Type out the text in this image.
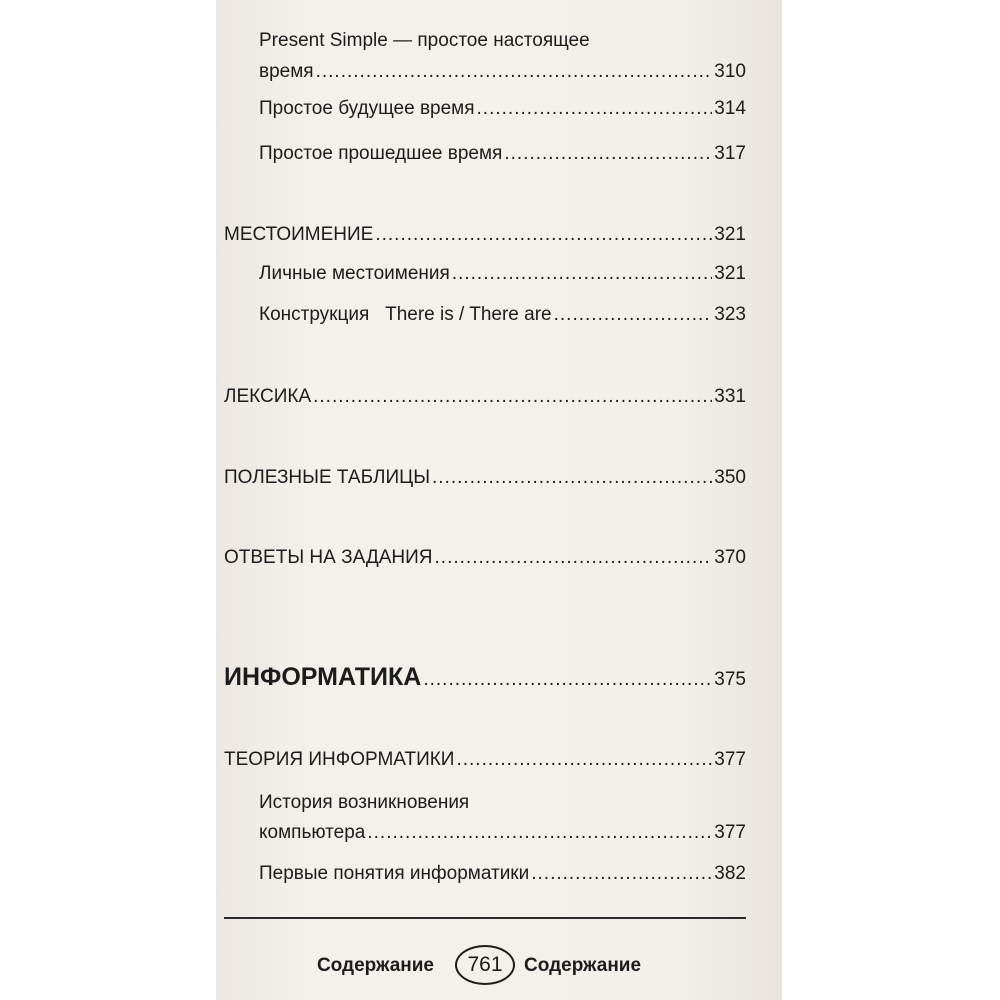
Present Simple — простое настоящее
время .....	310
Простое будущее время .....	314
Простое прошедшее время .....	317
МЕСТОИМЕНИЕ .....	321
Личные местоимения .....	321
Конструкция   There is / There are .....	323
ЛЕКСИКА .....	331
ПОЛЕЗНЫЕ ТАБЛИЦЫ .....	350
ОТВЕТЫ НА ЗАДАНИЯ .....	370
ИНФОРМАТИКА .....	375
ТЕОРИЯ ИНФОРМАТИКИ .....	377
История возникновения
компьютера .....	377
Первые понятия информатики .....	382
Содержание	761	Содержание
